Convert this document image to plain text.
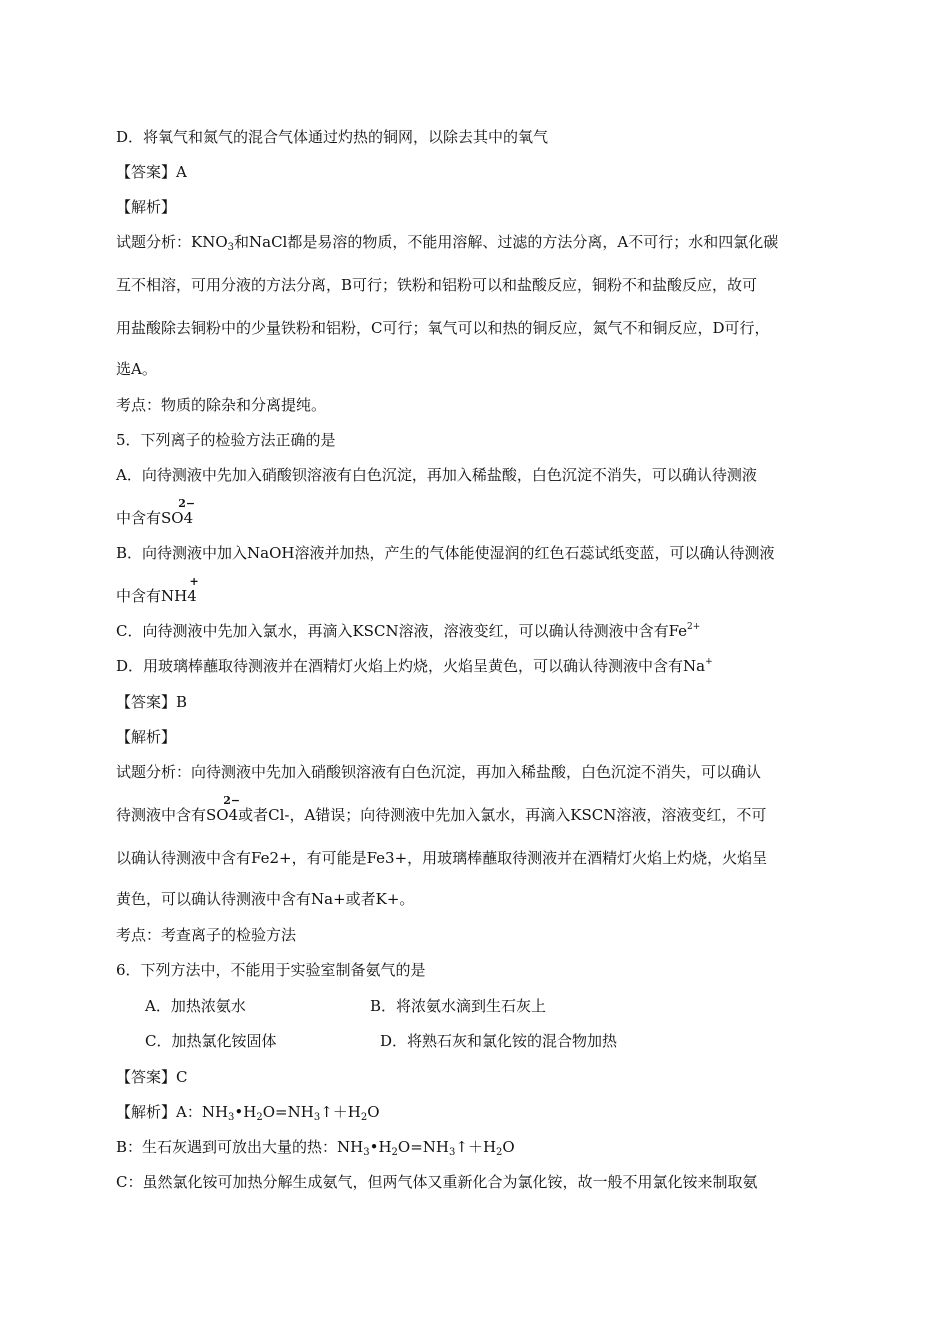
D．将氧气和氮气的混合气体通过灼热的铜网，以除去其中的氧气
【答案】A
【解析】
试题分析：$KNO_3$和NaCl都是易溶的物质，不能用溶解、过滤的方法分离，A不可行；水和四氯化碳
互不相溶，可用分液的方法分离，B可行；铁粉和铝粉可以和盐酸反应，铜粉不和盐酸反应，故可
用盐酸除去铜粉中的少量铁粉和铝粉，C可行；氧气可以和热的铜反应，氮气不和铜反应，D可行，
选A。
考点：物质的除杂和分离提纯。
5．下列离子的检验方法正确的是
A．向待测液中先加入硝酸钡溶液有白色沉淀，再加入稀盐酸，白色沉淀不消失，可以确认待测液
中含有SO4
2−
B．向待测液中加入NaOH溶液并加热，产生的气体能使湿润的红色石蕊试纸变蓝，可以确认待测液
中含有NH4
+
C．向待测液中先加入氯水，再滴入KSCN溶液，溶液变红，可以确认待测液中含有$Fe^{2+}$
D．用玻璃棒蘸取待测液并在酒精灯火焰上灼烧，火焰呈黄色，可以确认待测液中含有Na+
【答案】B
【解析】
试题分析：向待测液中先加入硝酸钡溶液有白色沉淀，再加入稀盐酸，白色沉淀不消失，可以确认
待测液中含有SO4
2−
或者Cl-，A错误；向待测液中先加入氯水，再滴入KSCN溶液，溶液变红，不可
以确认待测液中含有Fe2+，有可能是Fe3+，用玻璃棒蘸取待测液并在酒精灯火焰上灼烧，火焰呈
黄色，可以确认待测液中含有Na+或者K+。
考点：考查离子的检验方法
6．下列方法中，不能用于实验室制备氨气的是
A．加热浓氨水	B．将浓氨水滴到生石灰上
C．加热氯化铵固体	D．将熟石灰和氯化铵的混合物加热
【答案】C
【解析】A：$NH_3•H_2O=NH_3↑+H_2O$
B：生石灰遇到可放出大量的热：$NH_3•H_2O=NH_3↑+H_2O$
C：虽然氯化铵可加热分解生成氨气，但两气体又重新化合为氯化铵，故一般不用氯化铵来制取氨
